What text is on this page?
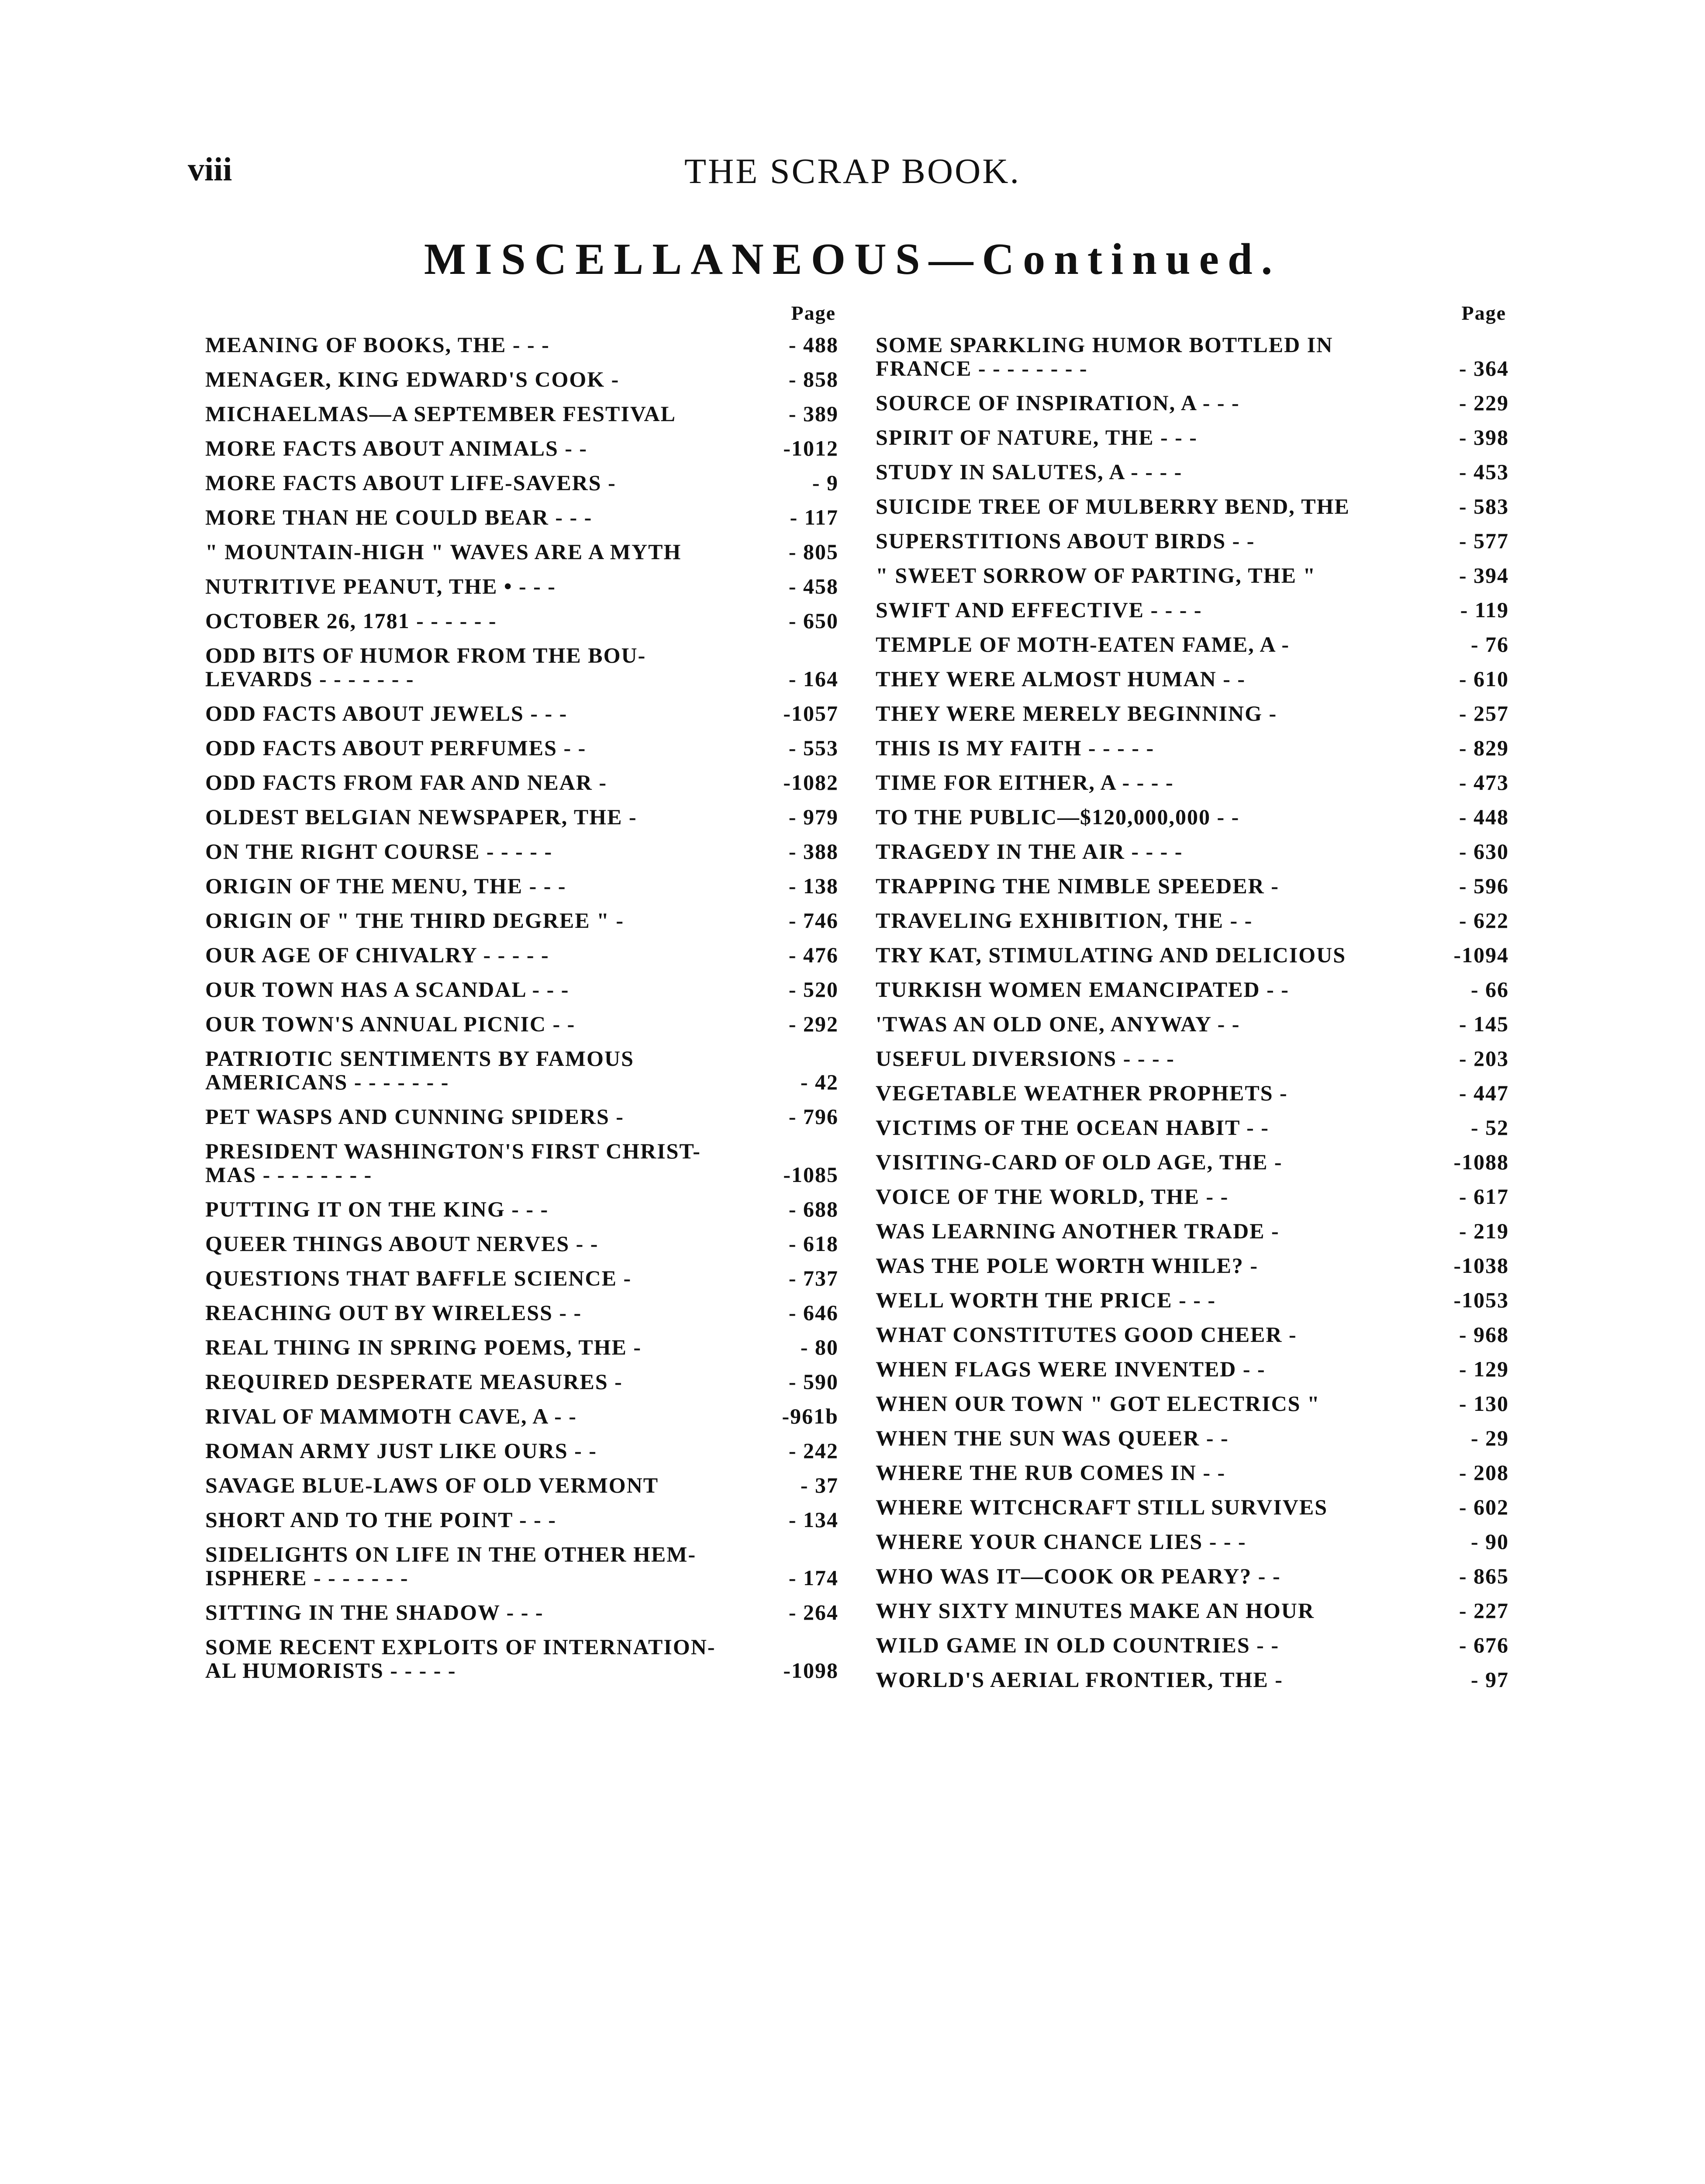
viii	THE SCRAP BOOK.
MISCELLANEOUS—Continued.
Page
MEANING OF BOOKS, THE - - -	- 488
MENAGER, KING EDWARD'S COOK -	- 858
MICHAELMAS—A SEPTEMBER FESTIVAL	- 389
MORE FACTS ABOUT ANIMALS - -	-1012
MORE FACTS ABOUT LIFE-SAVERS -	- 9
MORE THAN HE COULD BEAR - - -	- 117
" MOUNTAIN-HIGH " WAVES ARE A MYTH	- 805
NUTRITIVE PEANUT, THE • - - -	- 458
OCTOBER 26, 1781 - - - - - -	- 650
ODD BITS OF HUMOR FROM THE BOU-
LEVARDS - - - - - - -	- 164
ODD FACTS ABOUT JEWELS - - -	-1057
ODD FACTS ABOUT PERFUMES - -	- 553
ODD FACTS FROM FAR AND NEAR -	-1082
OLDEST BELGIAN NEWSPAPER, THE -	- 979
ON THE RIGHT COURSE - - - - -	- 388
ORIGIN OF THE MENU, THE - - -	- 138
ORIGIN OF " THE THIRD DEGREE " -	- 746
OUR AGE OF CHIVALRY - - - - -	- 476
OUR TOWN HAS A SCANDAL - - -	- 520
OUR TOWN'S ANNUAL PICNIC - -	- 292
PATRIOTIC SENTIMENTS BY FAMOUS
AMERICANS - - - - - - -	- 42
PET WASPS AND CUNNING SPIDERS -	- 796
PRESIDENT WASHINGTON'S FIRST CHRIST-
MAS - - - - - - - -	-1085
PUTTING IT ON THE KING - - -	- 688
QUEER THINGS ABOUT NERVES - -	- 618
QUESTIONS THAT BAFFLE SCIENCE -	- 737
REACHING OUT BY WIRELESS - -	- 646
REAL THING IN SPRING POEMS, THE -	- 80
REQUIRED DESPERATE MEASURES -	- 590
RIVAL OF MAMMOTH CAVE, A - -	-961b
ROMAN ARMY JUST LIKE OURS - -	- 242
SAVAGE BLUE-LAWS OF OLD VERMONT	- 37
SHORT AND TO THE POINT - - -	- 134
SIDELIGHTS ON LIFE IN THE OTHER HEM-
ISPHERE - - - - - - -	- 174
SITTING IN THE SHADOW - - -	- 264
SOME RECENT EXPLOITS OF INTERNATION-
AL HUMORISTS - - - - -	-1098
Page
SOME SPARKLING HUMOR BOTTLED IN
FRANCE - - - - - - - -	- 364
SOURCE OF INSPIRATION, A - - -	- 229
SPIRIT OF NATURE, THE - - -	- 398
STUDY IN SALUTES, A - - - -	- 453
SUICIDE TREE OF MULBERRY BEND, THE	- 583
SUPERSTITIONS ABOUT BIRDS - -	- 577
" SWEET SORROW OF PARTING, THE "	- 394
SWIFT AND EFFECTIVE - - - -	- 119
TEMPLE OF MOTH-EATEN FAME, A -	- 76
THEY WERE ALMOST HUMAN - -	- 610
THEY WERE MERELY BEGINNING -	- 257
THIS IS MY FAITH - - - - -	- 829
TIME FOR EITHER, A - - - -	- 473
TO THE PUBLIC—$120,000,000 - -	- 448
TRAGEDY IN THE AIR - - - -	- 630
TRAPPING THE NIMBLE SPEEDER -	- 596
TRAVELING EXHIBITION, THE - -	- 622
TRY KAT, STIMULATING AND DELICIOUS	-1094
TURKISH WOMEN EMANCIPATED - -	- 66
'TWAS AN OLD ONE, ANYWAY - -	- 145
USEFUL DIVERSIONS - - - -	- 203
VEGETABLE WEATHER PROPHETS -	- 447
VICTIMS OF THE OCEAN HABIT - -	- 52
VISITING-CARD OF OLD AGE, THE -	-1088
VOICE OF THE WORLD, THE - -	- 617
WAS LEARNING ANOTHER TRADE -	- 219
WAS THE POLE WORTH WHILE? -	-1038
WELL WORTH THE PRICE - - -	-1053
WHAT CONSTITUTES GOOD CHEER -	- 968
WHEN FLAGS WERE INVENTED - -	- 129
WHEN OUR TOWN " GOT ELECTRICS "	- 130
WHEN THE SUN WAS QUEER - -	- 29
WHERE THE RUB COMES IN - -	- 208
WHERE WITCHCRAFT STILL SURVIVES	- 602
WHERE YOUR CHANCE LIES - - -	- 90
WHO WAS IT—COOK OR PEARY? - -	- 865
WHY SIXTY MINUTES MAKE AN HOUR	- 227
WILD GAME IN OLD COUNTRIES - -	- 676
WORLD'S AERIAL FRONTIER, THE -	- 97
